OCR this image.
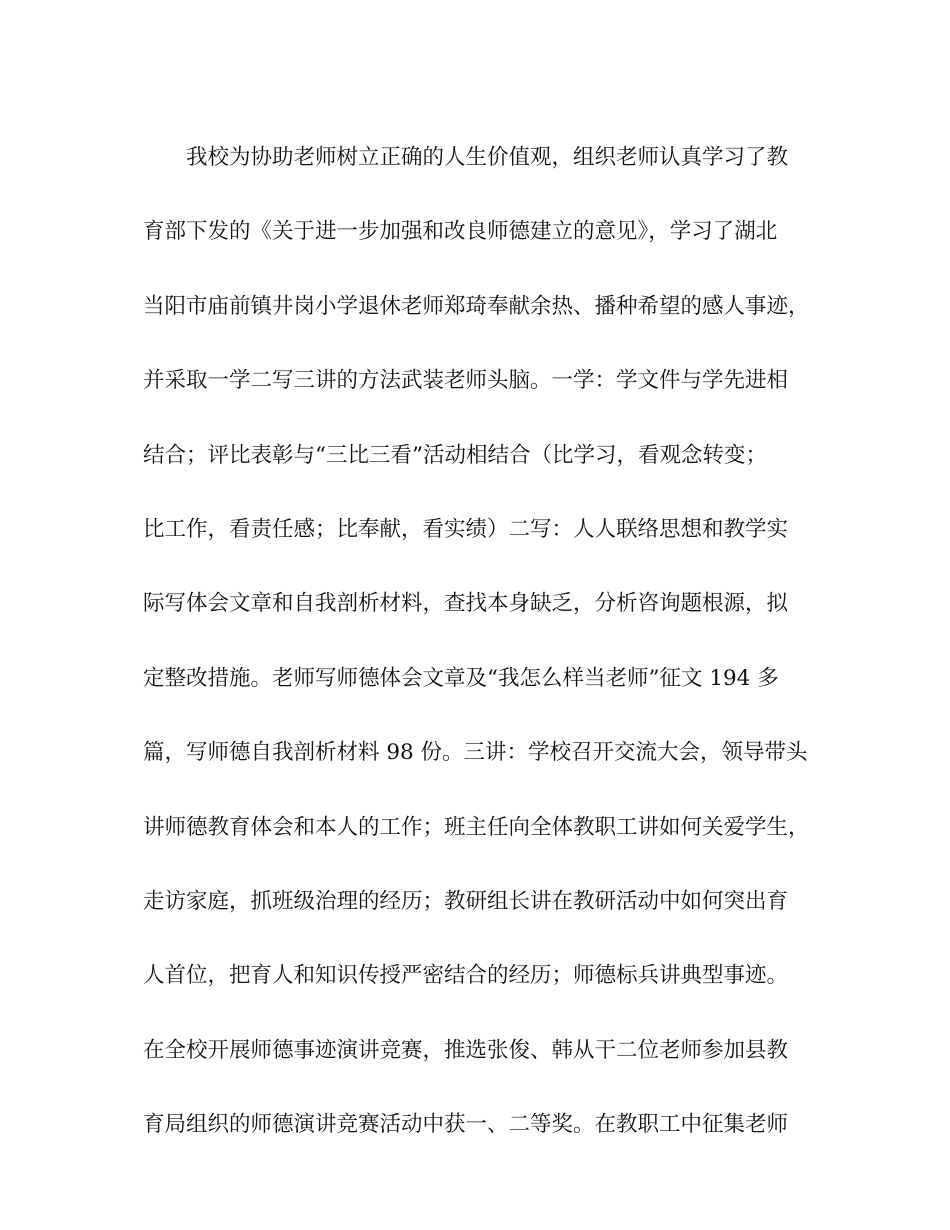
我校为协助老师树立正确的人生价值观，组织老师认真学习了教
育部下发的《关于进一步加强和改良师德建立的意见》，学习了湖北
当阳市庙前镇井岗小学退休老师郑琦奉献余热、播种希望的感人事迹，
并采取一学二写三讲的方法武装老师头脑。一学：学文件与学先进相
结合；评比表彰与“三比三看”活动相结合（比学习，看观念转变；
比工作，看责任感；比奉献，看实绩）二写：人人联络思想和教学实
际写体会文章和自我剖析材料，查找本身缺乏，分析咨询题根源，拟
定整改措施。老师写师德体会文章及“我怎么样当老师”征文 194 多
篇，写师德自我剖析材料 98 份。三讲：学校召开交流大会，领导带头
讲师德教育体会和本人的工作；班主任向全体教职工讲如何关爱学生，
走访家庭，抓班级治理的经历；教研组长讲在教研活动中如何突出育
人首位，把育人和知识传授严密结合的经历；师德标兵讲典型事迹。
在全校开展师德事迹演讲竞赛，推选张俊、韩从干二位老师参加县教
育局组织的师德演讲竞赛活动中获一、二等奖。在教职工中征集老师
